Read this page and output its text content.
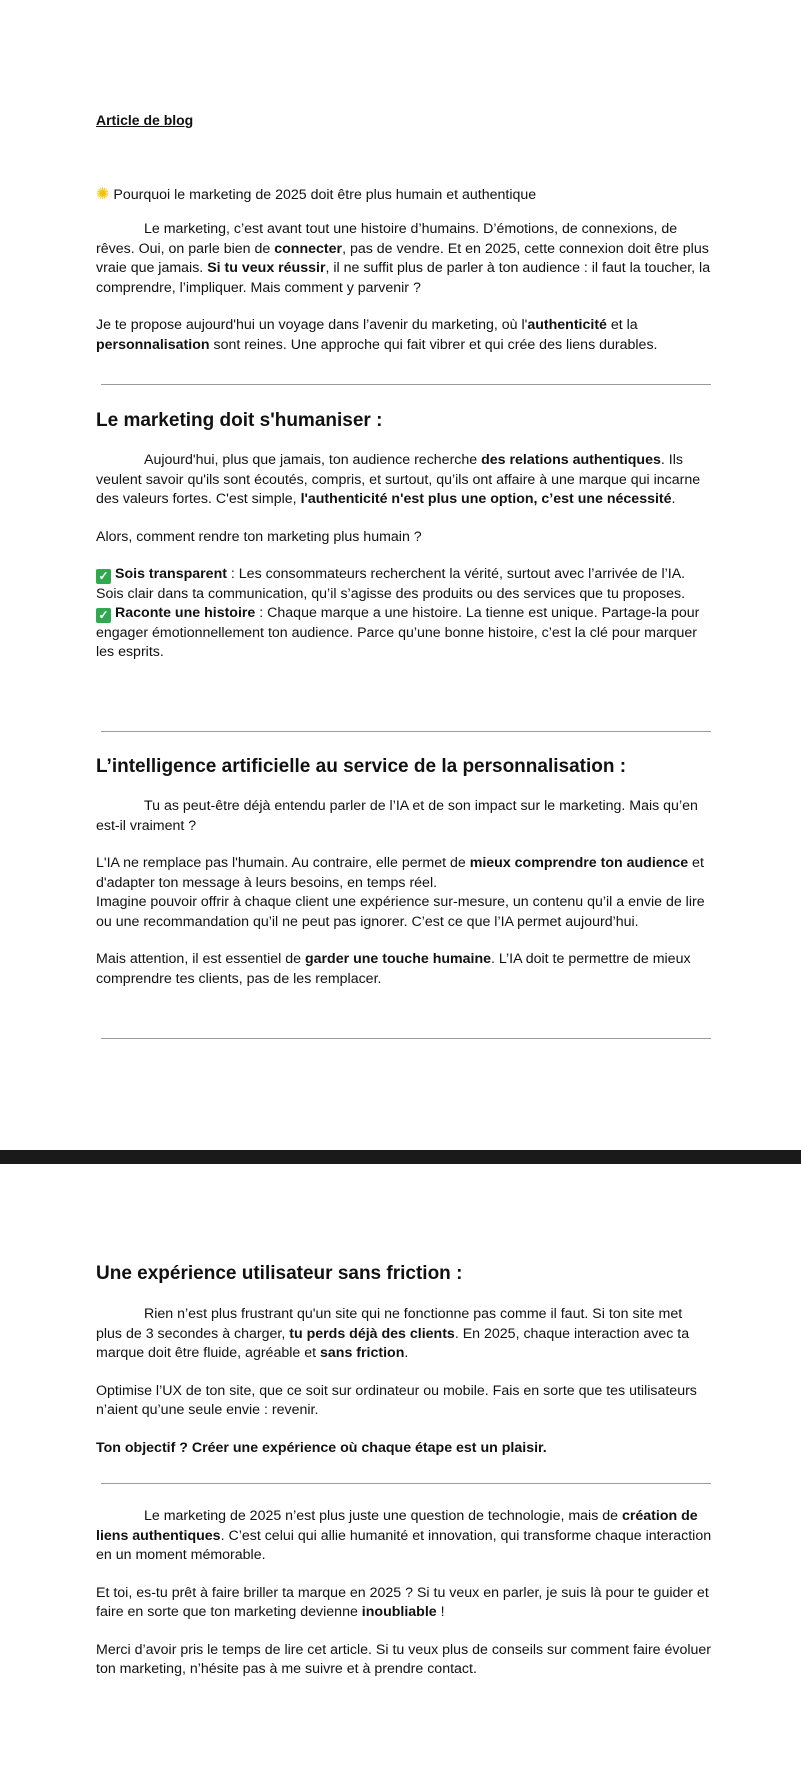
Article de blog
✺ Pourquoi le marketing de 2025 doit être plus humain et authentique

Le marketing, c’est avant tout une histoire d’humains. D’émotions, de connexions, de rêves. Oui, on parle bien de connecter, pas de vendre. Et en 2025, cette connexion doit être plus vraie que jamais. Si tu veux réussir, il ne suffit plus de parler à ton audience : il faut la toucher, la comprendre, l’impliquer. Mais comment y parvenir ?

Je te propose aujourd'hui un voyage dans l’avenir du marketing, où l'authenticité et la personnalisation sont reines. Une approche qui fait vibrer et qui crée des liens durables.

Le marketing doit s'humaniser :

Aujourd'hui, plus que jamais, ton audience recherche des relations authentiques. Ils veulent savoir qu'ils sont écoutés, compris, et surtout, qu’ils ont affaire à une marque qui incarne des valeurs fortes. C'est simple, l'authenticité n'est plus une option, c’est une nécessité.

Alors, comment rendre ton marketing plus humain ?

✓ Sois transparent : Les consommateurs recherchent la vérité, surtout avec l’arrivée de l’IA. Sois clair dans ta communication, qu’il s’agisse des produits ou des services que tu proposes.

✓ Raconte une histoire : Chaque marque a une histoire. La tienne est unique. Partage-la pour engager émotionnellement ton audience. Parce qu’une bonne histoire, c’est la clé pour marquer les esprits.

L’intelligence artificielle au service de la personnalisation :

Tu as peut-être déjà entendu parler de l’IA et de son impact sur le marketing. Mais qu’en est-il vraiment ?

L'IA ne remplace pas l'humain. Au contraire, elle permet de mieux comprendre ton audience et d'adapter ton message à leurs besoins, en temps réel.
Imagine pouvoir offrir à chaque client une expérience sur-mesure, un contenu qu’il a envie de lire ou une recommandation qu’il ne peut pas ignorer. C’est ce que l’IA permet aujourd’hui.

Mais attention, il est essentiel de garder une touche humaine. L’IA doit te permettre de mieux comprendre tes clients, pas de les remplacer.

Une expérience utilisateur sans friction :

Rien n’est plus frustrant qu'un site qui ne fonctionne pas comme il faut. Si ton site met plus de 3 secondes à charger, tu perds déjà des clients. En 2025, chaque interaction avec ta marque doit être fluide, agréable et sans friction.

Optimise l’UX de ton site, que ce soit sur ordinateur ou mobile. Fais en sorte que tes utilisateurs n’aient qu’une seule envie : revenir.

Ton objectif ? Créer une expérience où chaque étape est un plaisir.

Le marketing de 2025 n’est plus juste une question de technologie, mais de création de liens authentiques. C’est celui qui allie humanité et innovation, qui transforme chaque interaction en un moment mémorable.

Et toi, es-tu prêt à faire briller ta marque en 2025 ? Si tu veux en parler, je suis là pour te guider et faire en sorte que ton marketing devienne inoubliable !

Merci d’avoir pris le temps de lire cet article. Si tu veux plus de conseils sur comment faire évoluer ton marketing, n’hésite pas à me suivre et à prendre contact.
